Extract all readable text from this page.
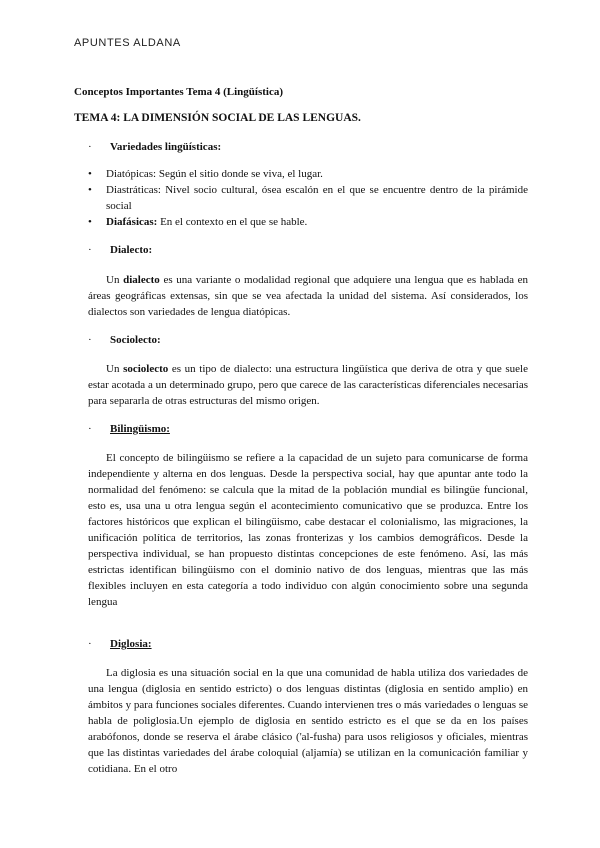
APUNTES ALDANA
Conceptos Importantes Tema 4 (Lingüística)
TEMA 4: LA DIMENSIÓN SOCIAL DE LAS LENGUAS.
· Variedades lingüísticas:
• Diatópicas: Según el sitio donde se viva, el lugar.
• Diastráticas: Nivel socio cultural, ósea escalón en el que se encuentre dentro de la pirámide social
• Diafásicas: En el contexto en el que se hable.
· Dialecto:
Un dialecto es una variante o modalidad regional que adquiere una lengua que es hablada en áreas geográficas extensas, sin que se vea afectada la unidad del sistema. Así considerados, los dialectos son variedades de lengua diatópicas.
· Sociolecto:
Un sociolecto es un tipo de dialecto: una estructura lingüística que deriva de otra y que suele estar acotada a un determinado grupo, pero que carece de las características diferenciales necesarias para separarla de otras estructuras del mismo origen.
· Bilingüismo:
El concepto de bilingüismo se refiere a la capacidad de un sujeto para comunicarse de forma independiente y alterna en dos lenguas. Desde la perspectiva social, hay que apuntar ante todo la normalidad del fenómeno: se calcula que la mitad de la población mundial es bilingüe funcional, esto es, usa una u otra lengua según el acontecimiento comunicativo que se produzca. Entre los factores históricos que explican el bilingüismo, cabe destacar el colonialismo, las migraciones, la unificación política de territorios, las zonas fronterizas y los cambios demográficos. Desde la perspectiva individual, se han propuesto distintas concepciones de este fenómeno. Así, las más estrictas identifican bilingüismo con el dominio nativo de dos lenguas, mientras que las más flexibles incluyen en esta categoría a todo individuo con algún conocimiento sobre una segunda lengua
· Diglosia:
La diglosia es una situación social en la que una comunidad de habla utiliza dos variedades de una lengua (diglosia en sentido estricto) o dos lenguas distintas (diglosia en sentido amplio) en ámbitos y para funciones sociales diferentes. Cuando intervienen tres o más variedades o lenguas se habla de poliglosia.Un ejemplo de diglosia en sentido estricto es el que se da en los países arabófonos, donde se reserva el árabe clásico ('al-fusha) para usos religiosos y oficiales, mientras que las distintas variedades del árabe coloquial (aljamía) se utilizan en la comunicación familiar y cotidiana. En el otro
